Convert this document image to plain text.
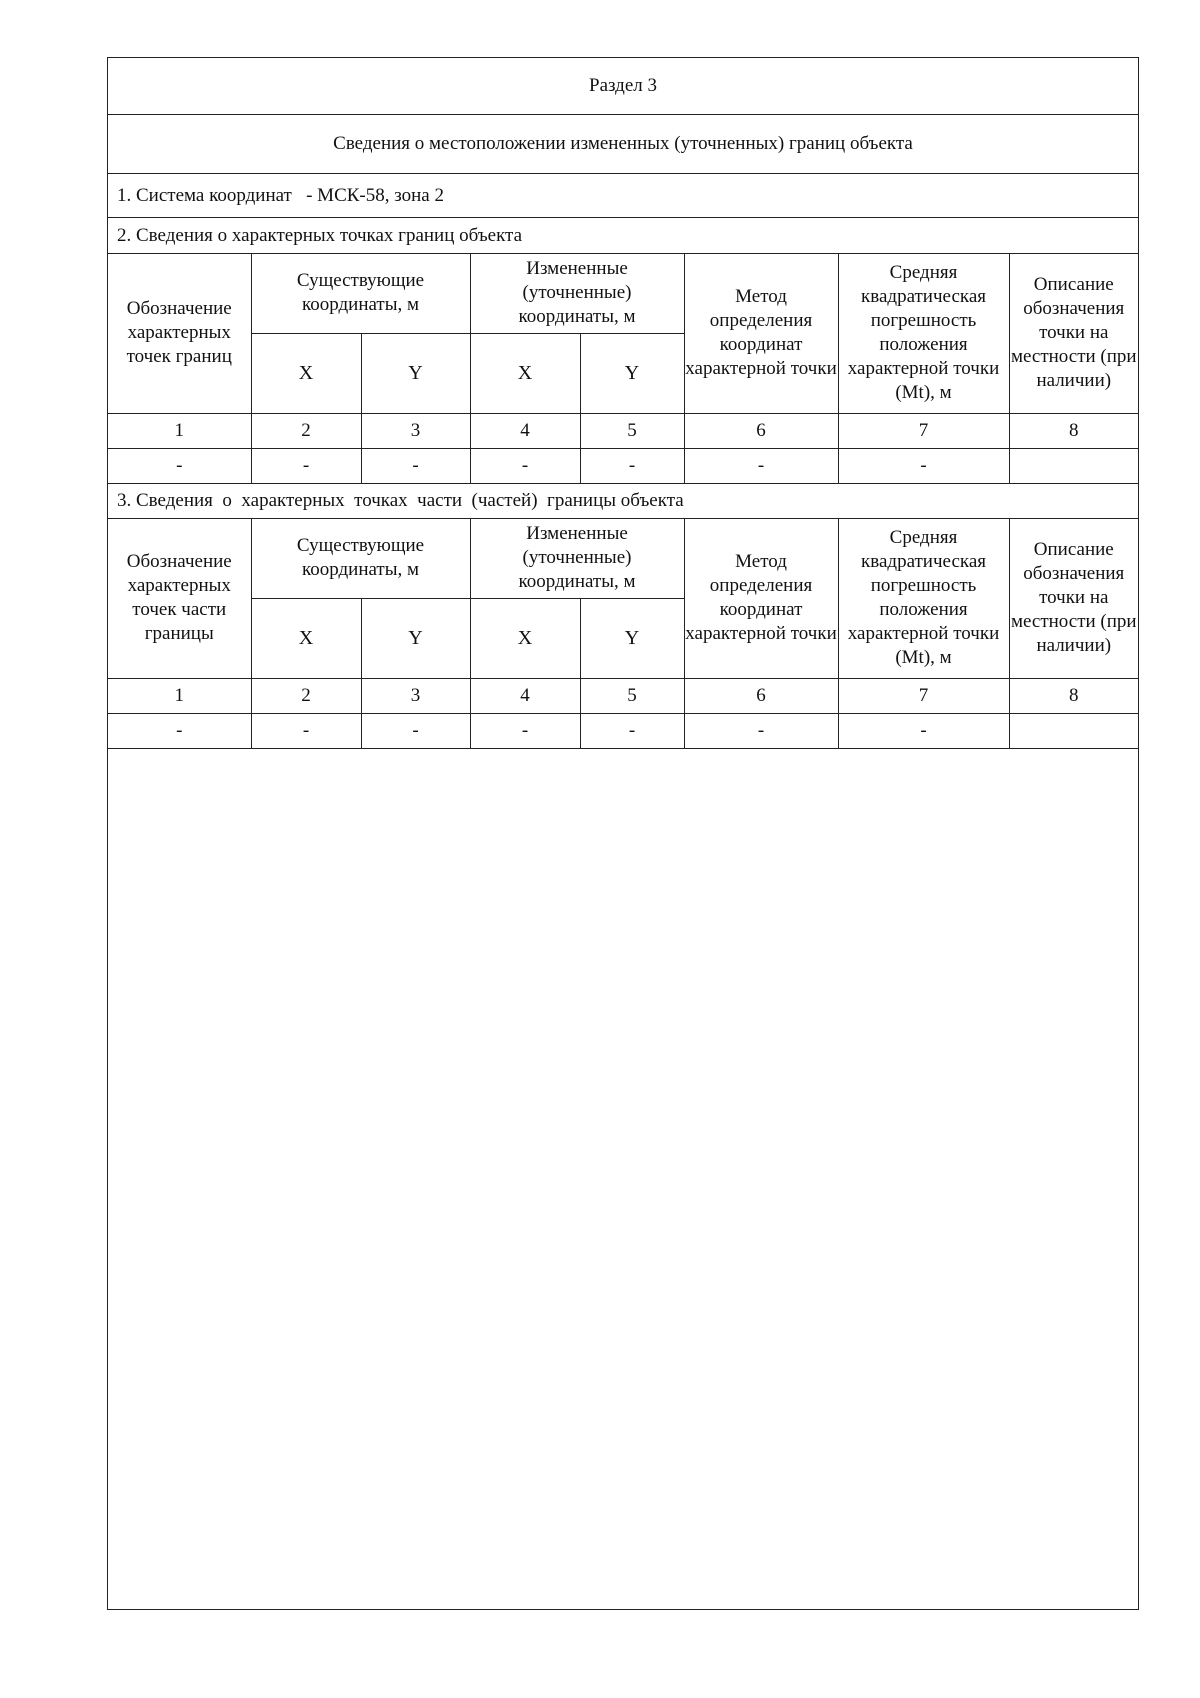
Раздел 3
Сведения о местоположении измененных (уточненных) границ объекта
1. Система координат   - МСК-58, зона 2
2. Сведения о характерных точках границ объекта
Обозначение характерных точек границ	Существующие координаты, м		Измененные (уточненные) координаты, м		Метод определения координат характерной точки	Средняя квадратическая погрешность положения характерной точки (Mt), м	Описание обозначения точки на местности (при наличии)

	X	Y	X	Y			
1	2	3	4	5	6	7	8
-	-	-	-	-	-	-	
3. Сведения  о  характерных  точках  части  (частей)  границы объекта
Обозначение характерных точек части границы	Существующие координаты, м		Измененные (уточненные) координаты, м		Метод определения координат характерной точки	Средняя квадратическая погрешность положения характерной точки (Mt), м	Описание обозначения точки на местности (при наличии)

	X	Y	X	Y			
1	2	3	4	5	6	7	8
-	-	-	-	-	-	-	
